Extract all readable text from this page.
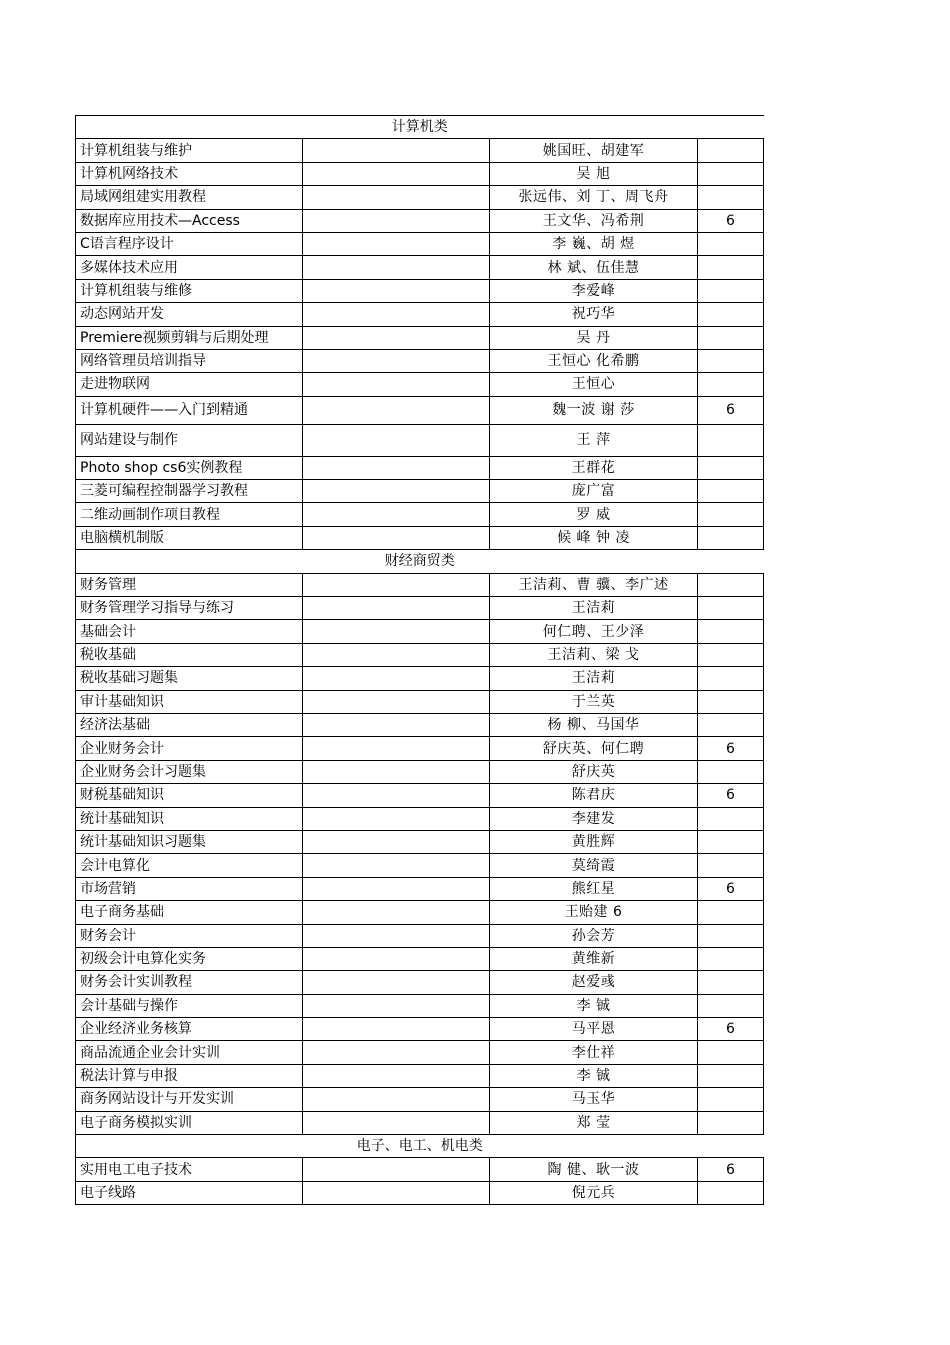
计算机类			
计算机组装与维护		姚国旺、胡建军	
计算机网络技术		吴 旭	
局域网组建实用教程		张远伟、刘 丁、周飞舟	
数据库应用技术—Access		王文华、冯希荆	6
C语言程序设计		李 巍、胡 煜	
多媒体技术应用		林 斌、伍佳慧	
计算机组装与维修		李爱峰	
动态网站开发		祝巧华	
Premiere视频剪辑与后期处理		吴 丹	
网络管理员培训指导		王恒心 化希鹏	
走进物联网		王恒心	
计算机硬件——入门到精通		魏一波 谢 莎	6
网站建设与制作		王 萍	
Photo shop cs6实例教程		王群花	
三菱可编程控制器学习教程		庞广富	
二维动画制作项目教程		罗 威	
电脑横机制版		候 峰 钟 凌	
财经商贸类			
财务管理		王洁莉、曹 骥、李广述	
财务管理学习指导与练习		王洁莉	
基础会计		何仁聘、王少泽	
税收基础		王洁莉、梁 戈	
税收基础习题集		王洁莉	
审计基础知识		于兰英	
经济法基础		杨 柳、马国华	
企业财务会计		舒庆英、何仁聘	6
企业财务会计习题集		舒庆英	
财税基础知识		陈君庆	6
统计基础知识		李建发	
统计基础知识习题集		黄胜辉	
会计电算化		莫绮霞	
市场营销		熊红星	6
电子商务基础		王贻建 6	
财务会计		孙会芳	
初级会计电算化实务		黄维新	
财务会计实训教程		赵爱彧	
会计基础与操作		李 铖	
企业经济业务核算		马平恩	6
商品流通企业会计实训		李仕祥	
税法计算与申报		李 铖	
商务网站设计与开发实训		马玉华	
电子商务模拟实训		郑 莹	
电子、电工、机电类			
实用电工电子技术		陶 健、耿一波	6
电子线路		倪元兵	
